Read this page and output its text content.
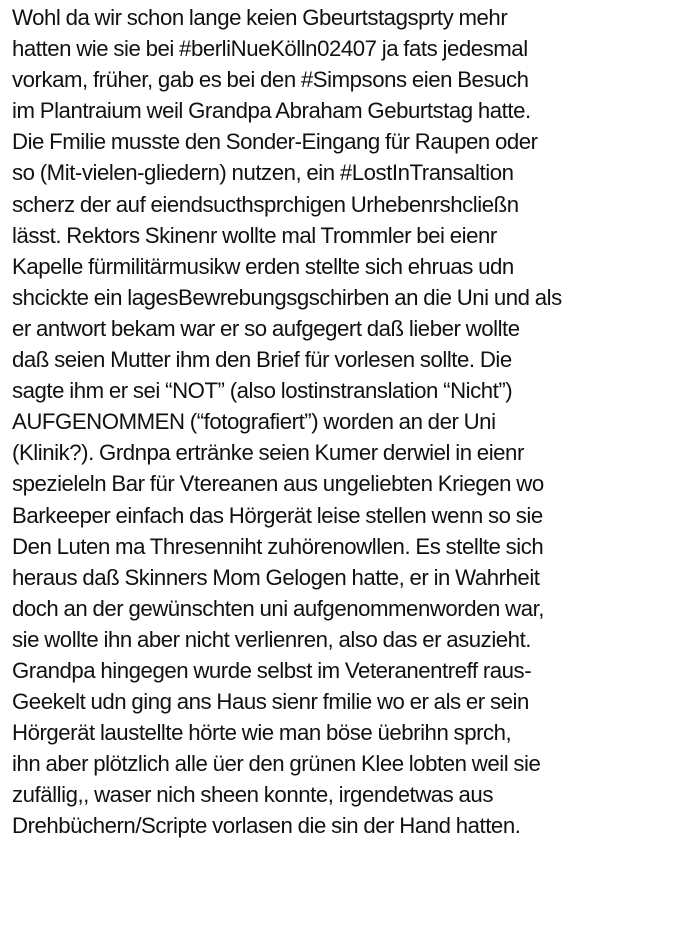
Wohl da wir schon lange keien Gbeurtstagsprty mehr
hatten wie sie bei #berliNueKölln02407 ja fats jedesmal
vorkam, früher, gab es bei den #Simpsons eien Besuch
im Plantraium weil Grandpa Abraham Geburtstag hatte.
Die Fmilie musste den Sonder-Eingang für Raupen oder
so (Mit-vielen-gliedern) nutzen, ein #LostInTransaltion
scherz der auf eiendsucthsprchigen Urhebenrshcließn
lässt. Rektors Skinenr wollte mal Trommler bei eienr
Kapelle fürmilitärmusikw erden stellte sich ehruas udn
shcickte ein lagesBewrebungsgschirben an die Uni und als
er antwort bekam war er so aufgegert daß lieber wollte
daß seien Mutter ihm den Brief für vorlesen sollte. Die
sagte ihm er sei “NOT” (also lostinstranslation “Nicht”)
AUFGENOMMEN (“fotografiert”) worden an der Uni
(Klinik?). Grdnpa ertränke seien Kumer derwiel in eienr
spezieleln Bar für Vtereanen aus ungeliebten Kriegen wo
Barkeeper einfach das Hörgerät leise stellen wenn so sie
Den Luten ma Thresenniht zuhörenowllen. Es stellte sich
heraus daß Skinners Mom Gelogen hatte, er in Wahrheit
doch an der gewünschten uni aufgenommenworden war,
sie wollte ihn aber nicht verlienren, also das er asuzieht.
Grandpa hingegen wurde selbst im Veteranentreff raus-
Geekelt udn ging ans Haus sienr fmilie wo er als er sein
Hörgerät laustellte hörte wie man böse üebrihn sprch,
ihn aber plötzlich alle üer den grünen Klee lobten weil sie
zufällig,, waser nich sheen konnte, irgendetwas aus
Drehbüchern/Scripte vorlasen die sin der Hand hatten.
